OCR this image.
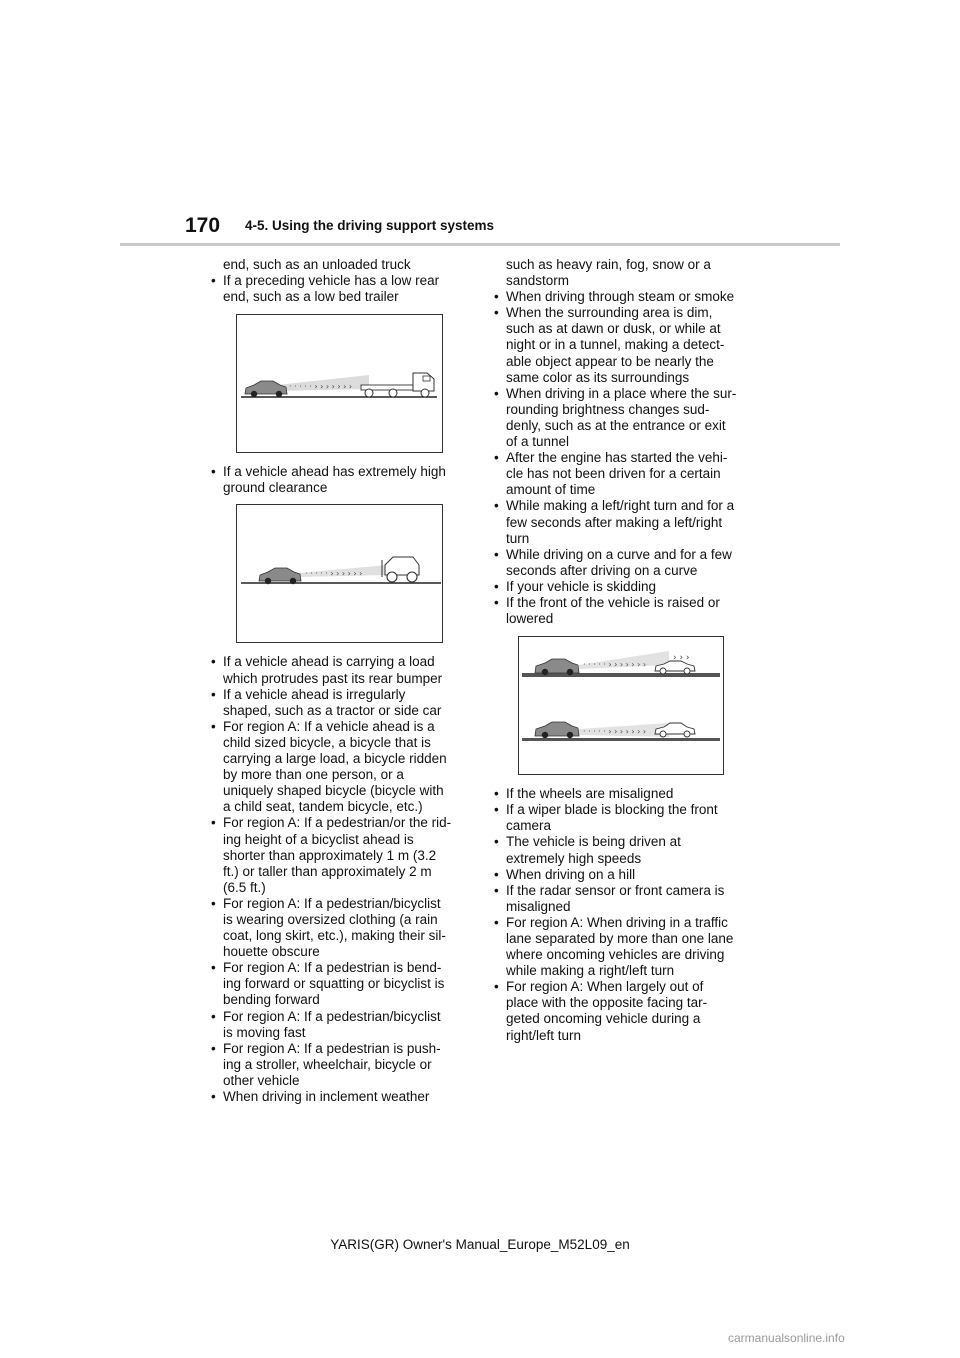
170 4-5. Using the driving support systems
end, such as an unloaded truck
• If a preceding vehicle has a low rear
end, such as a low bed trailer
· · · · · › › › › › › ›
• If a vehicle ahead has extremely high
ground clearance
· · · · · › › › › › ›
• If a vehicle ahead is carrying a load
which protrudes past its rear bumper
• If a vehicle ahead is irregularly
shaped, such as a tractor or side car
• For region A: If a vehicle ahead is a
child sized bicycle, a bicycle that is
carrying a large load, a bicycle ridden
by more than one person, or a
uniquely shaped bicycle (bicycle with
a child seat, tandem bicycle, etc.)
• For region A: If a pedestrian/or the rid-
ing height of a bicyclist ahead is
shorter than approximately 1 m (3.2
ft.) or taller than approximately 2 m
(6.5 ft.)
• For region A: If a pedestrian/bicyclist
is wearing oversized clothing (a rain
coat, long skirt, etc.), making their sil-
houette obscure
• For region A: If a pedestrian is bend-
ing forward or squatting or bicyclist is
bending forward
• For region A: If a pedestrian/bicyclist
is moving fast
• For region A: If a pedestrian is push-
ing a stroller, wheelchair, bicycle or
other vehicle
• When driving in inclement weather
such as heavy rain, fog, snow or a
sandstorm
• When driving through steam or smoke
• When the surrounding area is dim,
such as at dawn or dusk, or while at
night or in a tunnel, making a detect-
able object appear to be nearly the
same color as its surroundings
• When driving in a place where the sur-
rounding brightness changes sud-
denly, such as at the entrance or exit
of a tunnel
• After the engine has started the vehi-
cle has not been driven for a certain
amount of time
• While making a left/right turn and for a
few seconds after making a left/right
turn
• While driving on a curve and for a few
seconds after driving on a curve
• If your vehicle is skidding
• If the front of the vehicle is raised or
lowered
· · · · · › › › › › › ›
› › ›
· · · · · › › › › › › ›
• If the wheels are misaligned
• If a wiper blade is blocking the front
camera
• The vehicle is being driven at
extremely high speeds
• When driving on a hill
• If the radar sensor or front camera is
misaligned
• For region A: When driving in a traffic
lane separated by more than one lane
where oncoming vehicles are driving
while making a right/left turn
• For region A: When largely out of
place with the opposite facing tar-
geted oncoming vehicle during a
right/left turn
YARIS(GR) Owner's Manual_Europe_M52L09_en
carmanualsonline.info
